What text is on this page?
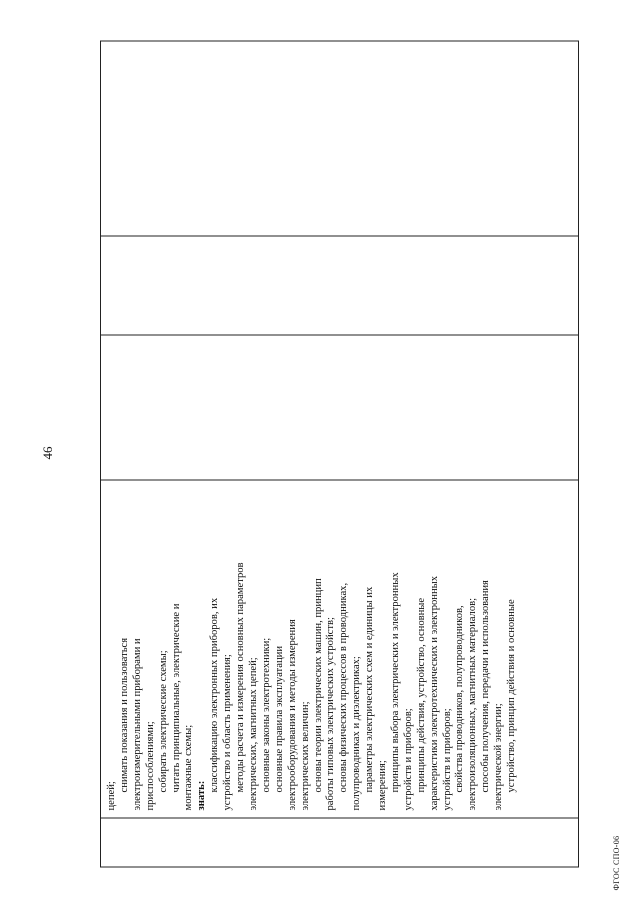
46
цепей;
снимать показания и пользоваться электроизмерительными приборами и приспособлениями; собирать электрические схемы; читать принципиальные, электрические и монтажные схемы; знать:
классификацию электронных приборов, их устройство и область применения; методы расчета и измерения основных параметров электрических, магнитных цепей; основные законы электротехники; основные правила эксплуатации электрооборудования и методы измерения электрических величин; основы теории электрических машин, принцип работы типовых электрических устройств; основы физических процессов в проводниках, полупроводниках и диэлектриках; параметры электрических схем и единицы их измерения; принципы выбора электрических и электронных устройств и приборов; принципы действия, устройство, основные характеристики электротехнических и электронных устройств и приборов; свойства проводников, полупроводников, электроизоляционных, магнитных материалов; способы получения, передачи и использования электрической энергии; устройство, принцип действия и основные
ФГОС СПО-06
